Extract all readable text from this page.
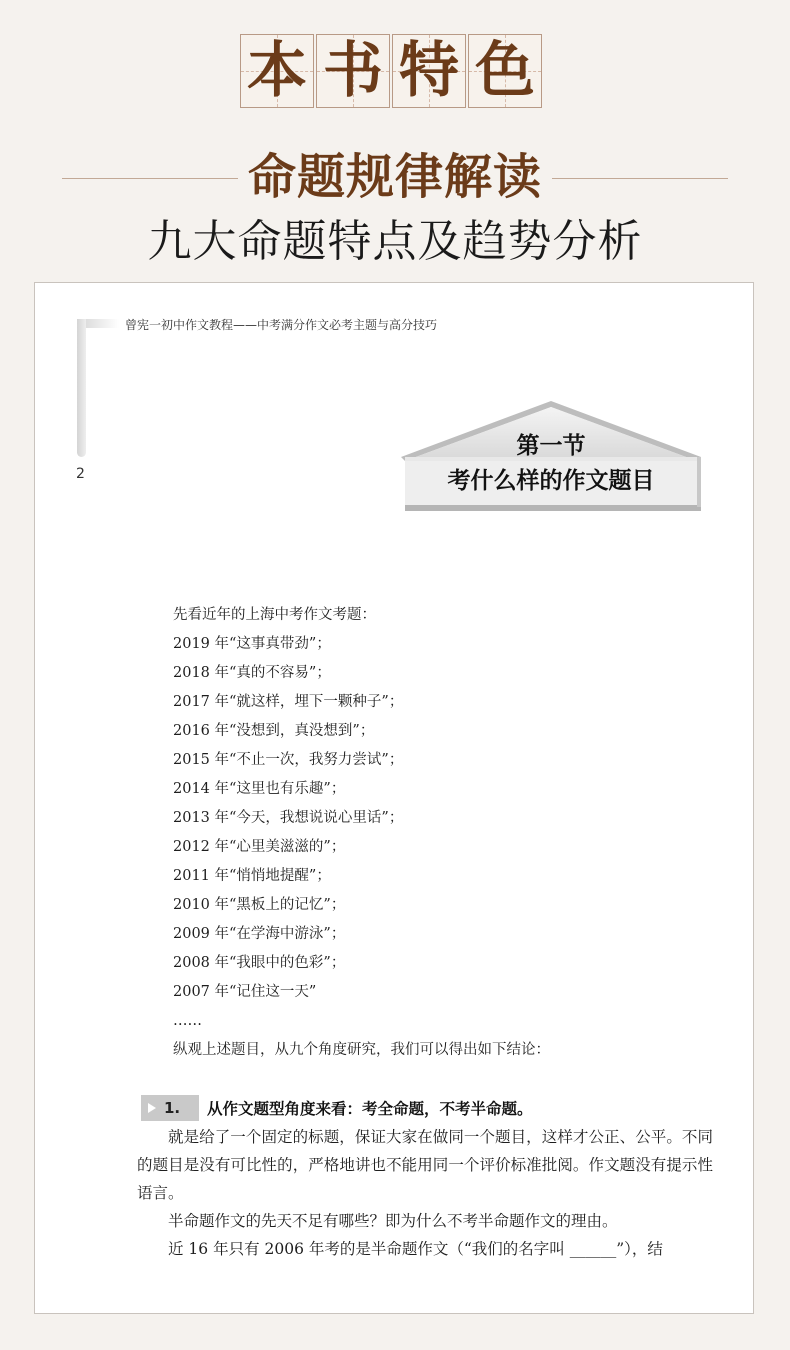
本 书 特 色
命题规律解读
九大命题特点及趋势分析
曾宪一初中作文教程——中考满分作文必考主题与高分技巧
2
第一节
考什么样的作文题目
先看近年的上海中考作文考题：
2019 年“这事真带劲”；
2018 年“真的不容易”；
2017 年“就这样，埋下一颗种子”；
2016 年“没想到，真没想到”；
2015 年“不止一次，我努力尝试”；
2014 年“这里也有乐趣”；
2013 年“今天，我想说说心里话”；
2012 年“心里美滋滋的”；
2011 年“悄悄地提醒”；
2010 年“黑板上的记忆”；
2009 年“在学海中游泳”；
2008 年“我眼中的色彩”；
2007 年“记住这一天”
……
纵观上述题目，从九个角度研究，我们可以得出如下结论：
1. 从作文题型角度来看：考全命题，不考半命题。

就是给了一个固定的标题，保证大家在做同一个题目，这样才公正、公平。不同的题目是没有可比性的，严格地讲也不能用同一个评价标准批阅。作文题没有提示性语言。

半命题作文的先天不足有哪些？即为什么不考半命题作文的理由。

近 16 年只有 2006 年考的是半命题作文（“我们的名字叫 ______”），结
